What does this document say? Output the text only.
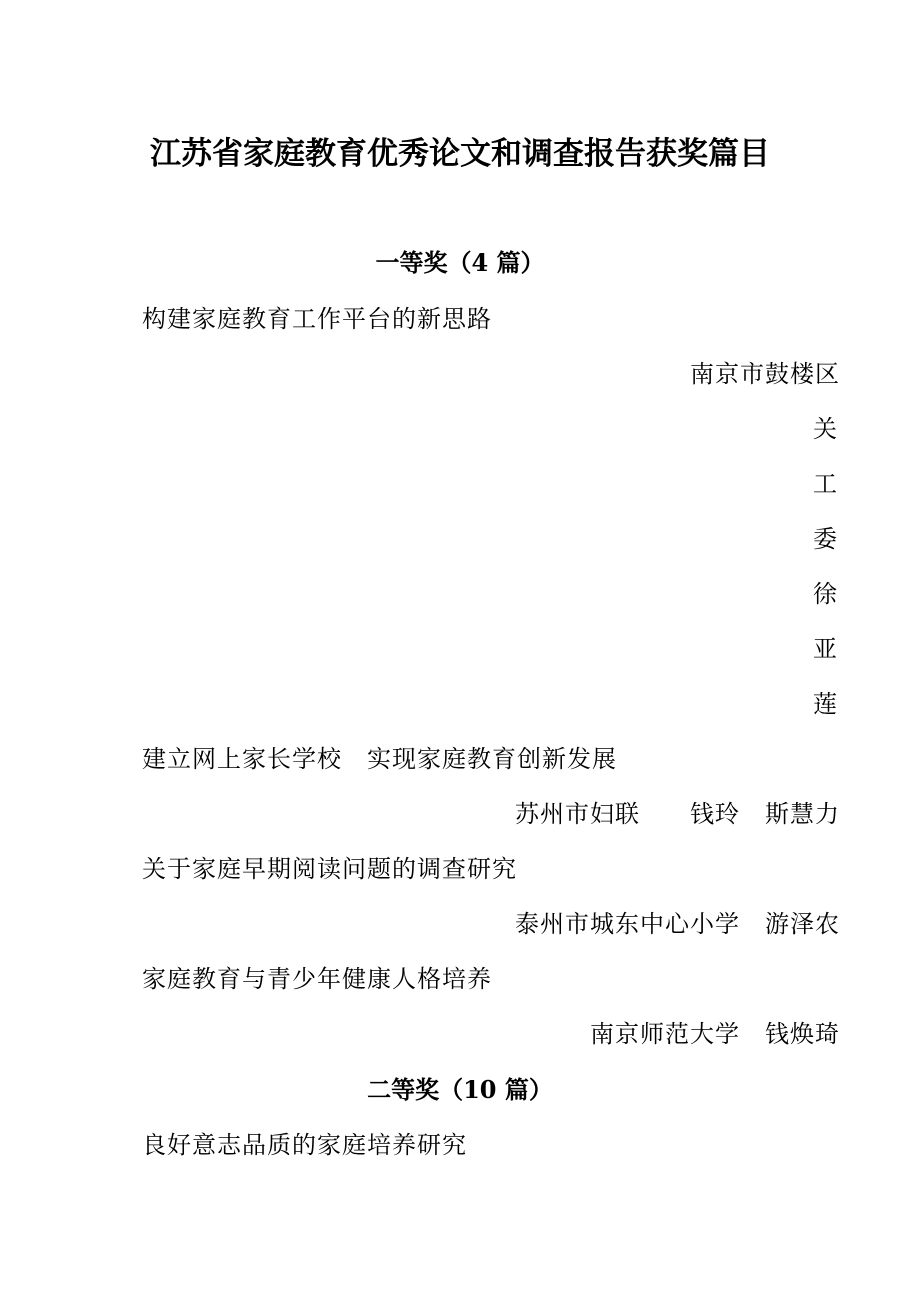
江苏省家庭教育优秀论文和调查报告获奖篇目
一等奖（4 篇）
构建家庭教育工作平台的新思路
南京市鼓楼区
关
工
委
徐
亚
莲
建立网上家长学校　实现家庭教育创新发展
苏州市妇联　　钱玲　斯慧力
关于家庭早期阅读问题的调查研究
泰州市城东中心小学　游泽农
家庭教育与青少年健康人格培养
南京师范大学　钱焕琦
二等奖（10 篇）
良好意志品质的家庭培养研究
